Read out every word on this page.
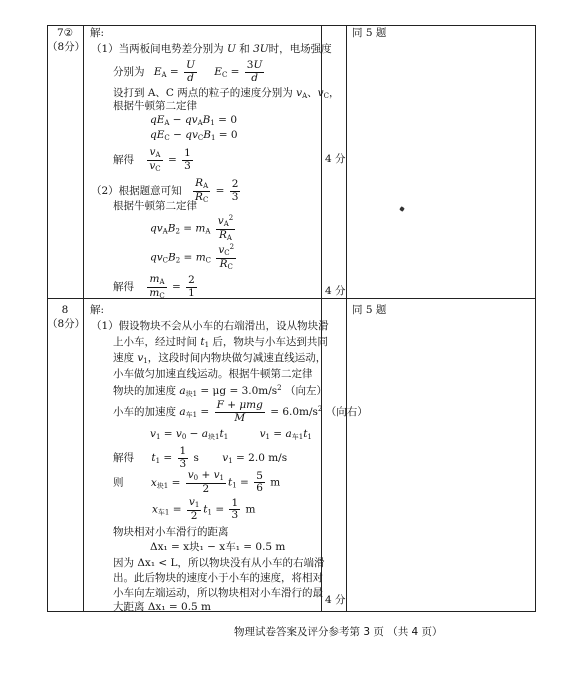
7②
（8分）
解:
（1）当两板间电势差分别为 U 和 3U时，电场强度
分别为 $E_A = \frac{U}{d} E_C = \frac{3U}{d}$
设打到 A、C 两点的粒子的速度分别为 $v_A$、$v_C$，
根据牛顿第二定律
$qE_A - qv_AB_1 = 0$
$qE_C - qv_CB_1 = 0$
解得 $\frac{v_A}{v_C} = \frac{1}{3}$
（2）根据题意可知 $\frac{R_A}{R_C} = \frac{2}{3}$
根据牛顿第二定律
$qv_AB_2 = m_A \frac{v_A^2}{R_A}$
$qv_CB_2 = m_C \frac{v_C^2}{R_C}$
解得 $\frac{m_A}{m_C} = \frac{2}{1}$
4 分
4 分
同 5 题
8
（8分）
解:
（1）假设物块不会从小车的右端滑出，设从物块滑
上小车，经过时间 $t_1$ 后，物块与小车达到共同
速度 $v_1$，这段时间内物块做匀减速直线运动，
小车做匀加速直线运动。根据牛顿第二定律
物块的加速度 $a_{块1} = \mu g = 3.0m/s^2$ （向左）
小车的加速度 $a_{车1} = \frac{\text{F + μmg}}{M} = 6.0m/s^2$ （向右）
$v_1 = v_0 - a_{块1}t_1$	$v_1 = a_{车1}t_1$
解得 $t_1 = \frac{1}{3}$ s $v_1 = 2.0$ m/s
则	$x_{块1} = \frac{v_0 + v_1}{2} t_1 = \frac{5}{6}$ m
$x_{车1} = \frac{v_1}{2} t_1 = \frac{1}{3}$ m
物块相对小车滑行的距离
Δx₁ = x块₁ − x车₁ = 0.5 m
因为 Δx₁ < L，所以物块没有从小车的右端滑
出。此后物块的速度小于小车的速度，将相对
小车向左端运动，所以物块相对小车滑行的最
大距离 Δx₁ = 0.5 m
4 分
同 5 题
物理试卷答案及评分参考第 3 页 （共 4 页）
